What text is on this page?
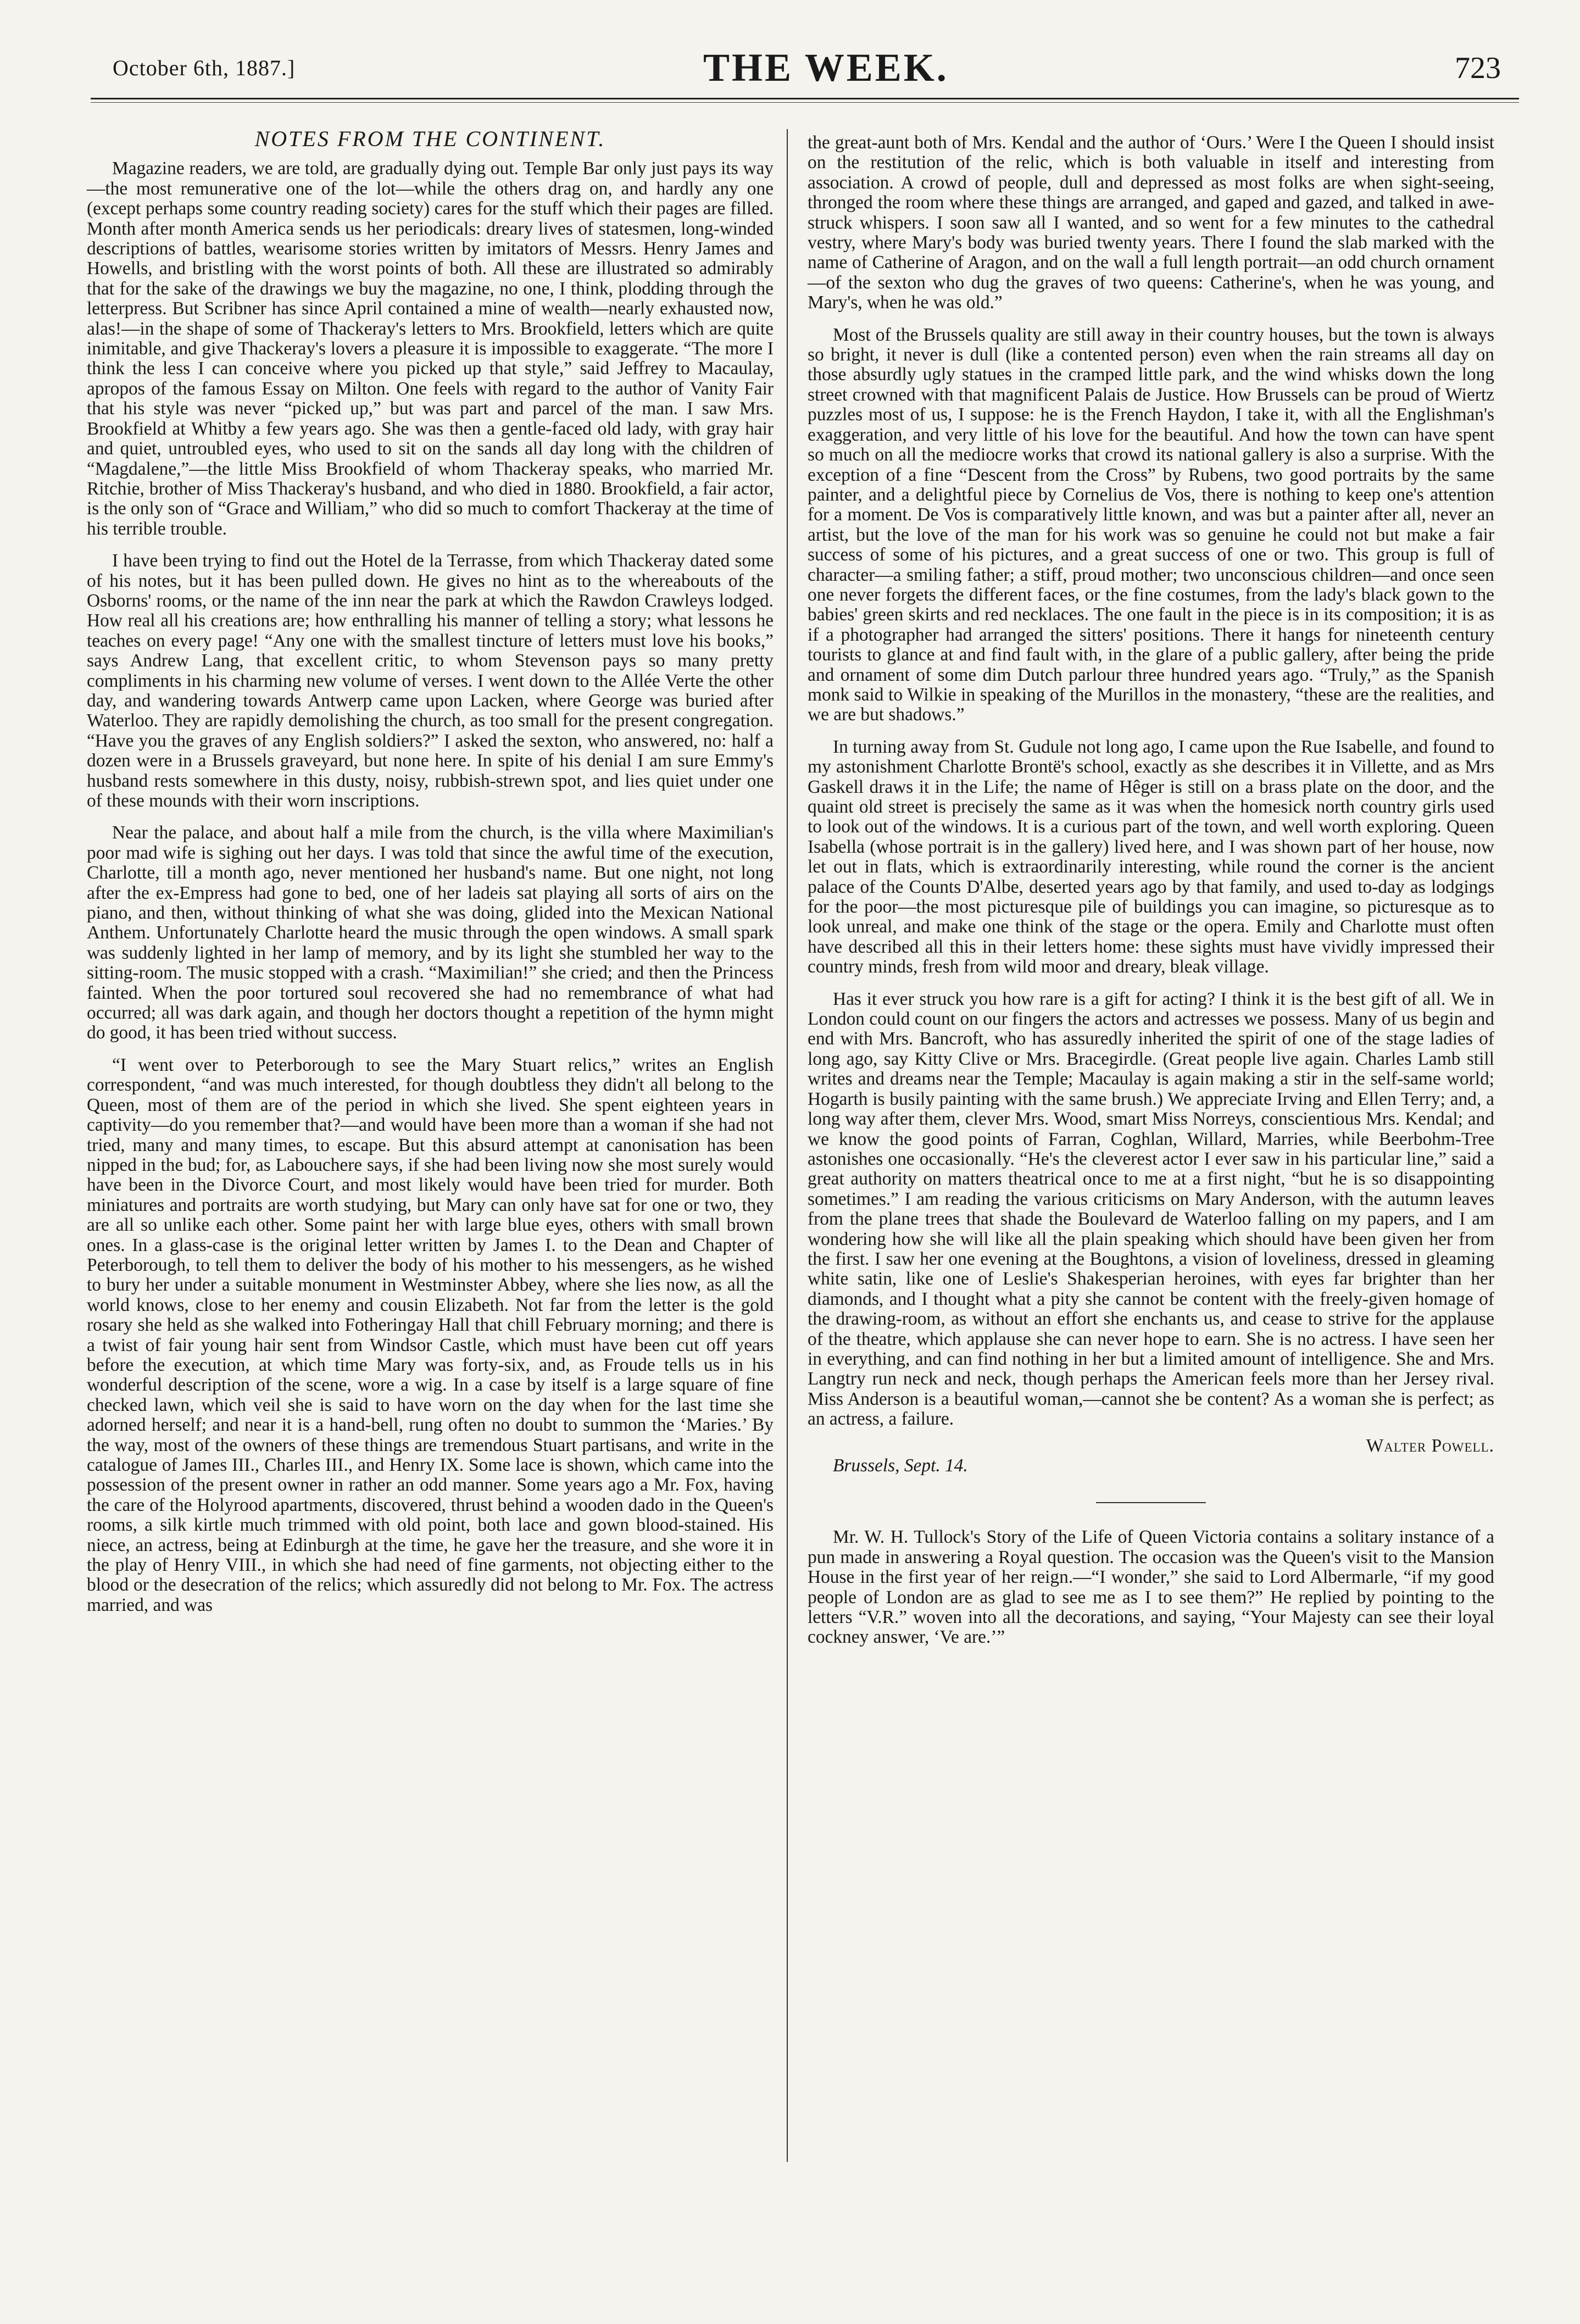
October 6th, 1887.]	THE WEEK.	723
NOTES FROM THE CONTINENT.

Magazine readers, we are told, are gradually dying out. Temple Bar only just pays its way—the most remunerative one of the lot—while the others drag on, and hardly any one (except perhaps some country reading society) cares for the stuff which their pages are filled. Month after month America sends us her periodicals: dreary lives of statesmen, long-winded descriptions of battles, wearisome stories written by imitators of Messrs. Henry James and Howells, and bristling with the worst points of both. All these are illustrated so admirably that for the sake of the drawings we buy the magazine, no one, I think, plodding through the letterpress. But Scribner has since April contained a mine of wealth—nearly exhausted now, alas!—in the shape of some of Thackeray's letters to Mrs. Brookfield, letters which are quite inimitable, and give Thackeray's lovers a pleasure it is impossible to exaggerate. “The more I think the less I can conceive where you picked up that style,” said Jeffrey to Macaulay, apropos of the famous Essay on Milton. One feels with regard to the author of Vanity Fair that his style was never “picked up,” but was part and parcel of the man. I saw Mrs. Brookfield at Whitby a few years ago. She was then a gentle-faced old lady, with gray hair and quiet, untroubled eyes, who used to sit on the sands all day long with the children of “Magdalene,”—the little Miss Brookfield of whom Thackeray speaks, who married Mr. Ritchie, brother of Miss Thackeray's husband, and who died in 1880. Brookfield, a fair actor, is the only son of “Grace and William,” who did so much to comfort Thackeray at the time of his terrible trouble.

I have been trying to find out the Hotel de la Terrasse, from which Thackeray dated some of his notes, but it has been pulled down. He gives no hint as to the whereabouts of the Osborns' rooms, or the name of the inn near the park at which the Rawdon Crawleys lodged. How real all his creations are; how enthralling his manner of telling a story; what lessons he teaches on every page! “Any one with the smallest tincture of letters must love his books,” says Andrew Lang, that excellent critic, to whom Stevenson pays so many pretty compliments in his charming new volume of verses. I went down to the Allée Verte the other day, and wandering towards Antwerp came upon Lacken, where George was buried after Waterloo. They are rapidly demolishing the church, as too small for the present congregation. “Have you the graves of any English soldiers?” I asked the sexton, who answered, no: half a dozen were in a Brussels graveyard, but none here. In spite of his denial I am sure Emmy's husband rests somewhere in this dusty, noisy, rubbish-strewn spot, and lies quiet under one of these mounds with their worn inscriptions.

Near the palace, and about half a mile from the church, is the villa where Maximilian's poor mad wife is sighing out her days. I was told that since the awful time of the execution, Charlotte, till a month ago, never mentioned her husband's name. But one night, not long after the ex-Empress had gone to bed, one of her ladeis sat playing all sorts of airs on the piano, and then, without thinking of what she was doing, glided into the Mexican National Anthem. Unfortunately Charlotte heard the music through the open windows. A small spark was suddenly lighted in her lamp of memory, and by its light she stumbled her way to the sitting-room. The music stopped with a crash. “Maximilian!” she cried; and then the Princess fainted. When the poor tortured soul recovered she had no remembrance of what had occurred; all was dark again, and though her doctors thought a repetition of the hymn might do good, it has been tried without success.

“I went over to Peterborough to see the Mary Stuart relics,” writes an English correspondent, “and was much interested, for though doubtless they didn't all belong to the Queen, most of them are of the period in which she lived. She spent eighteen years in captivity—do you remember that?—and would have been more than a woman if she had not tried, many and many times, to escape. But this absurd attempt at canonisation has been nipped in the bud; for, as Labouchere says, if she had been living now she most surely would have been in the Divorce Court, and most likely would have been tried for murder. Both miniatures and portraits are worth studying, but Mary can only have sat for one or two, they are all so unlike each other. Some paint her with large blue eyes, others with small brown ones. In a glass-case is the original letter written by James I. to the Dean and Chapter of Peterborough, to tell them to deliver the body of his mother to his messengers, as he wished to bury her under a suitable monument in Westminster Abbey, where she lies now, as all the world knows, close to her enemy and cousin Elizabeth. Not far from the letter is the gold rosary she held as she walked into Fotheringay Hall that chill February morning; and there is a twist of fair young hair sent from Windsor Castle, which must have been cut off years before the execution, at which time Mary was forty-six, and, as Froude tells us in his wonderful description of the scene, wore a wig. In a case by itself is a large square of fine checked lawn, which veil she is said to have worn on the day when for the last time she adorned herself; and near it is a hand-bell, rung often no doubt to summon the ‘Maries.’ By the way, most of the owners of these things are tremendous Stuart partisans, and write in the catalogue of James III., Charles III., and Henry IX. Some lace is shown, which came into the possession of the present owner in rather an odd manner. Some years ago a Mr. Fox, having the care of the Holyrood apartments, discovered, thrust behind a wooden dado in the Queen's rooms, a silk kirtle much trimmed with old point, both lace and gown blood-stained. His niece, an actress, being at Edinburgh at the time, he gave her the treasure, and she wore it in the play of Henry VIII., in which she had need of fine garments, not objecting either to the blood or the desecration of the relics; which assuredly did not belong to Mr. Fox. The actress married, and was

the great-aunt both of Mrs. Kendal and the author of ‘Ours.’ Were I the Queen I should insist on the restitution of the relic, which is both valuable in itself and interesting from association. A crowd of people, dull and depressed as most folks are when sight-seeing, thronged the room where these things are arranged, and gaped and gazed, and talked in awe-struck whispers. I soon saw all I wanted, and so went for a few minutes to the cathedral vestry, where Mary's body was buried twenty years. There I found the slab marked with the name of Catherine of Aragon, and on the wall a full length portrait—an odd church ornament—of the sexton who dug the graves of two queens: Catherine's, when he was young, and Mary's, when he was old.”

Most of the Brussels quality are still away in their country houses, but the town is always so bright, it never is dull (like a contented person) even when the rain streams all day on those absurdly ugly statues in the cramped little park, and the wind whisks down the long street crowned with that magnificent Palais de Justice. How Brussels can be proud of Wiertz puzzles most of us, I suppose: he is the French Haydon, I take it, with all the Englishman's exaggeration, and very little of his love for the beautiful. And how the town can have spent so much on all the mediocre works that crowd its national gallery is also a surprise. With the exception of a fine “Descent from the Cross” by Rubens, two good portraits by the same painter, and a delightful piece by Cornelius de Vos, there is nothing to keep one's attention for a moment. De Vos is comparatively little known, and was but a painter after all, never an artist, but the love of the man for his work was so genuine he could not but make a fair success of some of his pictures, and a great success of one or two. This group is full of character—a smiling father; a stiff, proud mother; two unconscious children—and once seen one never forgets the different faces, or the fine costumes, from the lady's black gown to the babies' green skirts and red necklaces. The one fault in the piece is in its composition; it is as if a photographer had arranged the sitters' positions. There it hangs for nineteenth century tourists to glance at and find fault with, in the glare of a public gallery, after being the pride and ornament of some dim Dutch parlour three hundred years ago. “Truly,” as the Spanish monk said to Wilkie in speaking of the Murillos in the monastery, “these are the realities, and we are but shadows.”

In turning away from St. Gudule not long ago, I came upon the Rue Isabelle, and found to my astonishment Charlotte Brontë's school, exactly as she describes it in Villette, and as Mrs Gaskell draws it in the Life; the name of Hêger is still on a brass plate on the door, and the quaint old street is precisely the same as it was when the homesick north country girls used to look out of the windows. It is a curious part of the town, and well worth exploring. Queen Isabella (whose portrait is in the gallery) lived here, and I was shown part of her house, now let out in flats, which is extraordinarily interesting, while round the corner is the ancient palace of the Counts D'Albe, deserted years ago by that family, and used to-day as lodgings for the poor—the most picturesque pile of buildings you can imagine, so picturesque as to look unreal, and make one think of the stage or the opera. Emily and Charlotte must often have described all this in their letters home: these sights must have vividly impressed their country minds, fresh from wild moor and dreary, bleak village.

Has it ever struck you how rare is a gift for acting? I think it is the best gift of all. We in London could count on our fingers the actors and actresses we possess. Many of us begin and end with Mrs. Bancroft, who has assuredly inherited the spirit of one of the stage ladies of long ago, say Kitty Clive or Mrs. Bracegirdle. (Great people live again. Charles Lamb still writes and dreams near the Temple; Macaulay is again making a stir in the self-same world; Hogarth is busily painting with the same brush.) We appreciate Irving and Ellen Terry; and, a long way after them, clever Mrs. Wood, smart Miss Norreys, conscientious Mrs. Kendal; and we know the good points of Farran, Coghlan, Willard, Marries, while Beerbohm-Tree astonishes one occasionally. “He's the cleverest actor I ever saw in his particular line,” said a great authority on matters theatrical once to me at a first night, “but he is so disappointing sometimes.” I am reading the various criticisms on Mary Anderson, with the autumn leaves from the plane trees that shade the Boulevard de Waterloo falling on my papers, and I am wondering how she will like all the plain speaking which should have been given her from the first. I saw her one evening at the Boughtons, a vision of loveliness, dressed in gleaming white satin, like one of Leslie's Shakesperian heroines, with eyes far brighter than her diamonds, and I thought what a pity she cannot be content with the freely-given homage of the drawing-room, as without an effort she enchants us, and cease to strive for the applause of the theatre, which applause she can never hope to earn. She is no actress. I have seen her in everything, and can find nothing in her but a limited amount of intelligence. She and Mrs. Langtry run neck and neck, though perhaps the American feels more than her Jersey rival. Miss Anderson is a beautiful woman,—cannot she be content? As a woman she is perfect; as an actress, a failure.

Walter Powell.
Brussels, Sept. 14.

Mr. W. H. Tullock's Story of the Life of Queen Victoria contains a solitary instance of a pun made in answering a Royal question. The occasion was the Queen's visit to the Mansion House in the first year of her reign.—“I wonder,” she said to Lord Albermarle, “if my good people of London are as glad to see me as I to see them?” He replied by pointing to the letters “V.R.” woven into all the decorations, and saying, “Your Majesty can see their loyal cockney answer, ‘Ve are.’”
